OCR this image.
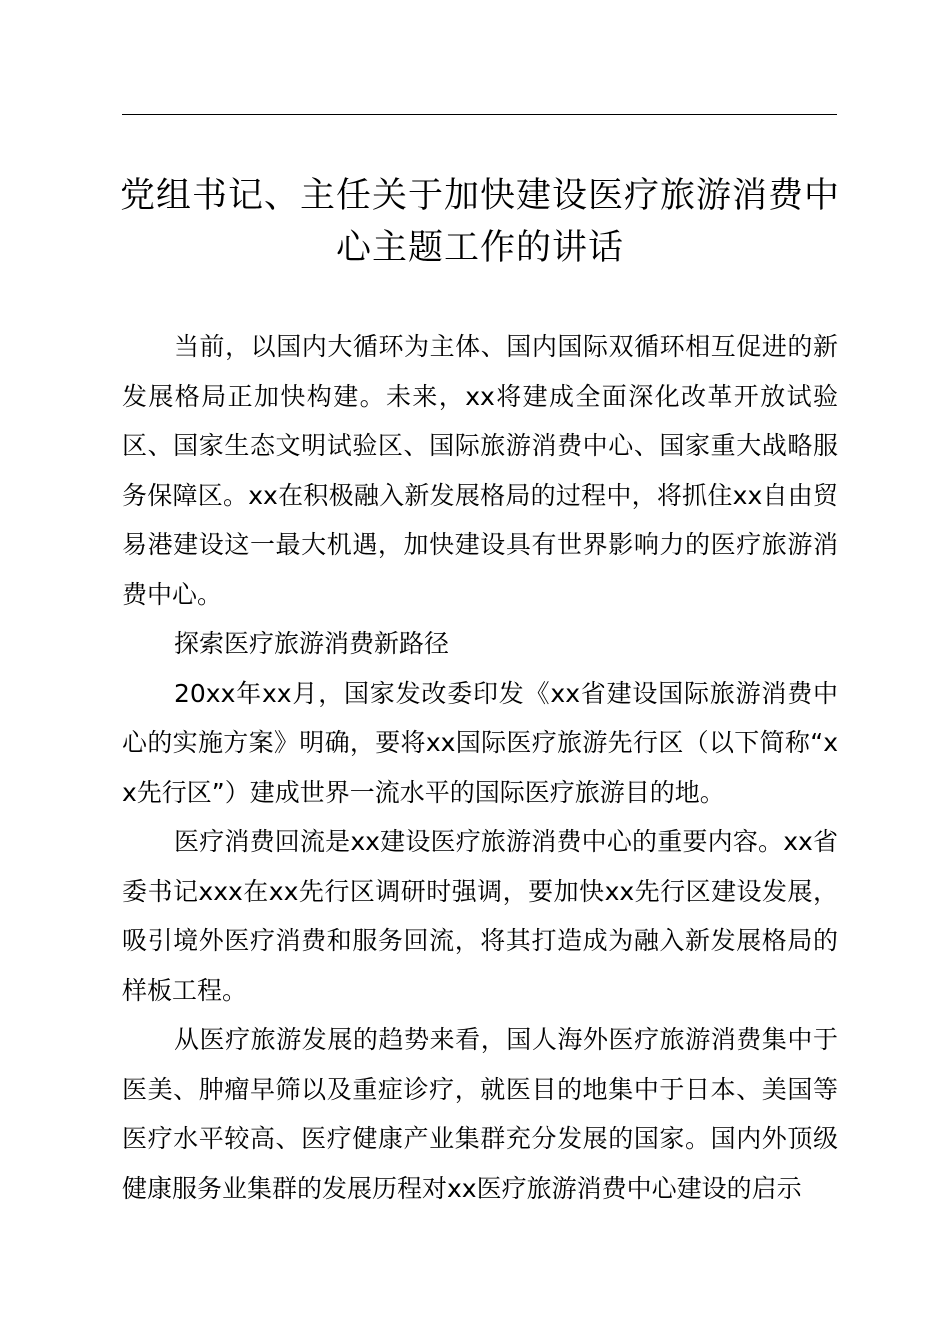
党组书记、主任关于加快建设医疗旅游消费中
心主题工作的讲话

当前，以国内大循环为主体、国内国际双循环相互促进的新发展格局正加快构建。未来，xx将建成全面深化改革开放试验区、国家生态文明试验区、国际旅游消费中心、国家重大战略服务保障区。xx在积极融入新发展格局的过程中，将抓住xx自由贸易港建设这一最大机遇，加快建设具有世界影响力的医疗旅游消费中心。

探索医疗旅游消费新路径

20xx年xx月，国家发改委印发《xx省建设国际旅游消费中心的实施方案》明确，要将xx国际医疗旅游先行区（以下简称“xx先行区”）建成世界一流水平的国际医疗旅游目的地。

医疗消费回流是xx建设医疗旅游消费中心的重要内容。xx省委书记xxx在xx先行区调研时强调，要加快xx先行区建设发展，吸引境外医疗消费和服务回流，将其打造成为融入新发展格局的样板工程。

从医疗旅游发展的趋势来看，国人海外医疗旅游消费集中于医美、肿瘤早筛以及重症诊疗，就医目的地集中于日本、美国等医疗水平较高、医疗健康产业集群充分发展的国家。国内外顶级健康服务业集群的发展历程对xx医疗旅游消费中心建设的启示
